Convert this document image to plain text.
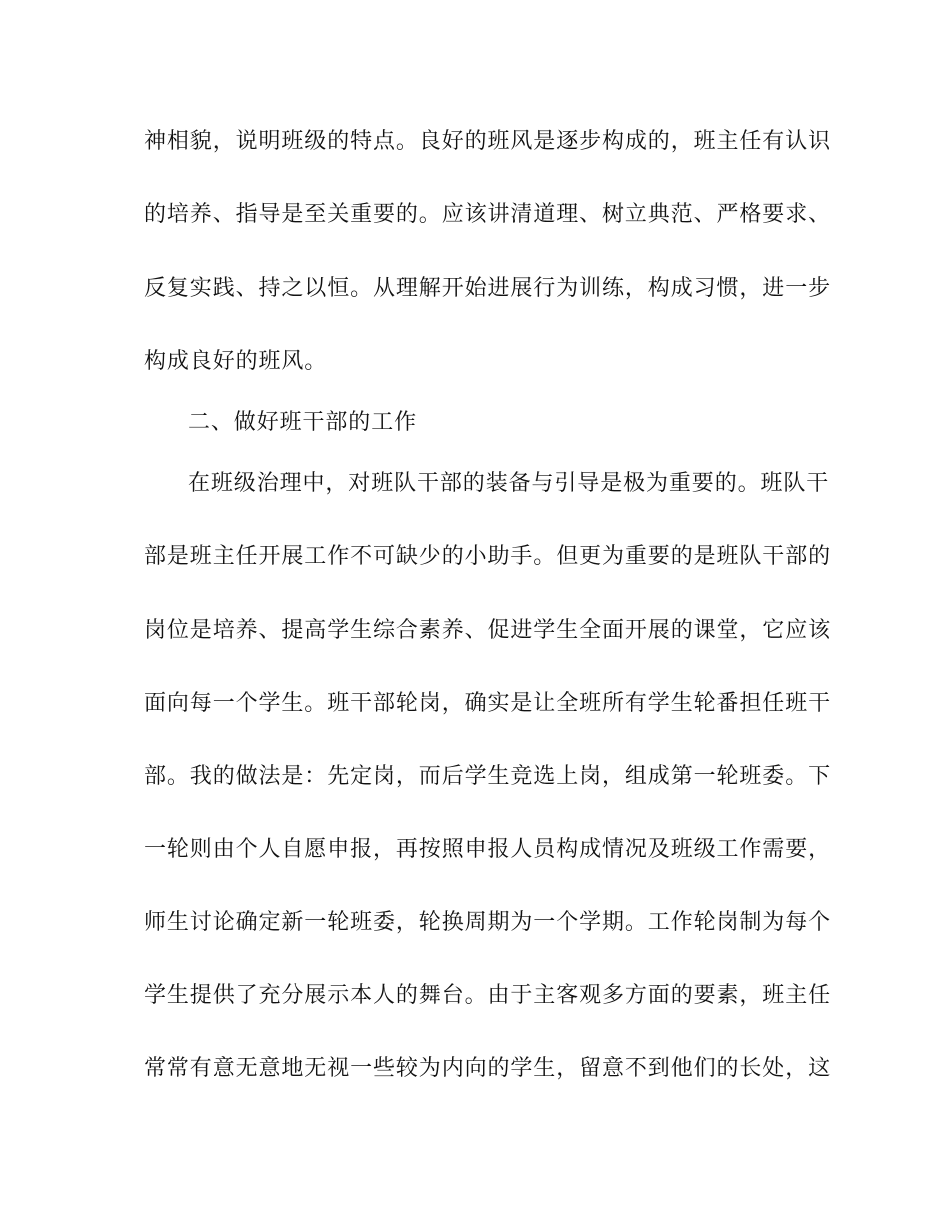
神相貌，说明班级的特点。良好的班风是逐步构成的，班主任有认识
的培养、指导是至关重要的。应该讲清道理、树立典范、严格要求、
反复实践、持之以恒。从理解开始进展行为训练，构成习惯，进一步
构成良好的班风。
二、做好班干部的工作
在班级治理中，对班队干部的装备与引导是极为重要的。班队干
部是班主任开展工作不可缺少的小助手。但更为重要的是班队干部的
岗位是培养、提高学生综合素养、促进学生全面开展的课堂，它应该
面向每一个学生。班干部轮岗，确实是让全班所有学生轮番担任班干
部。我的做法是：先定岗，而后学生竞选上岗，组成第一轮班委。下
一轮则由个人自愿申报，再按照申报人员构成情况及班级工作需要，
师生讨论确定新一轮班委，轮换周期为一个学期。工作轮岗制为每个
学生提供了充分展示本人的舞台。由于主客观多方面的要素，班主任
常常有意无意地无视一些较为内向的学生，留意不到他们的长处，这
